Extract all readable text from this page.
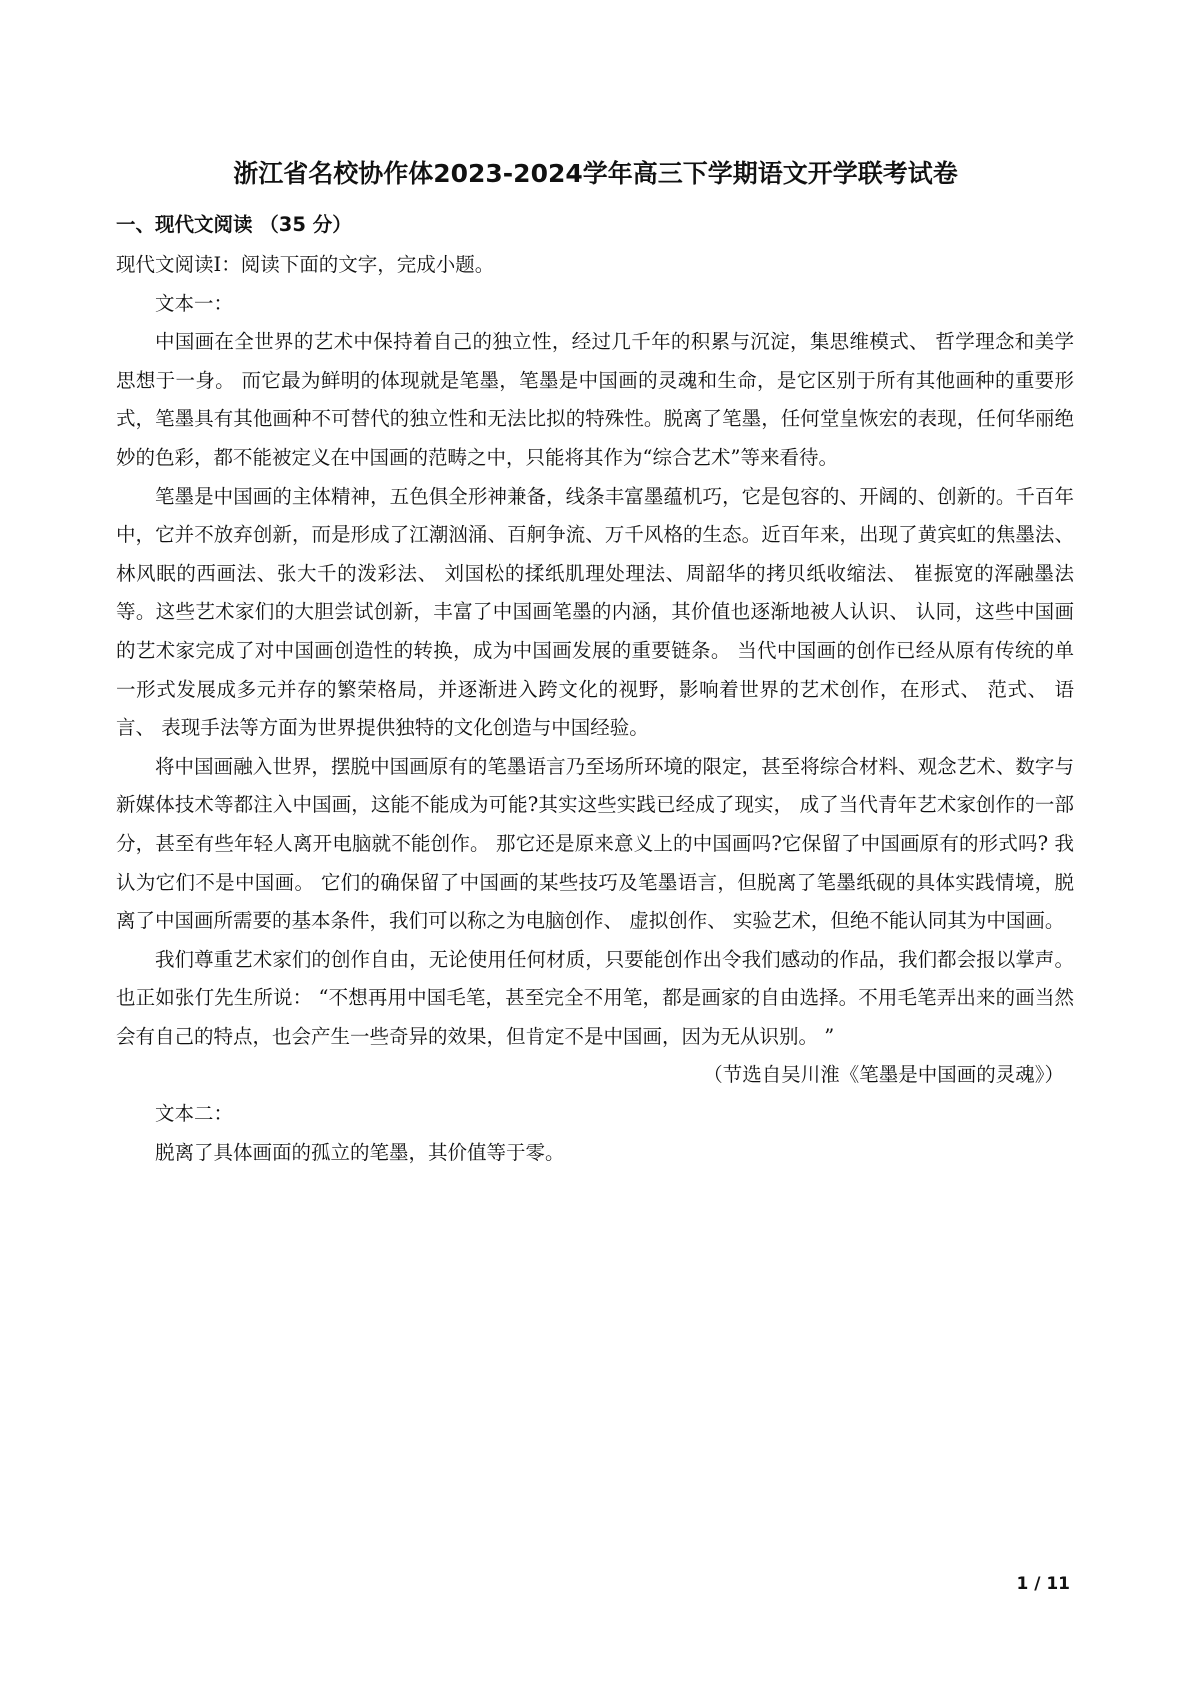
浙江省名校协作体2023-2024学年高三下学期语文开学联考试卷
一、现代文阅读 （35 分）

现代文阅读I：阅读下面的文字，完成小题。

文本一：

中国画在全世界的艺术中保持着自己的独立性，经过几千年的积累与沉淀，集思维模式、 哲学理念和美学思想于一身。 而它最为鲜明的体现就是笔墨，笔墨是中国画的灵魂和生命，是它区别于所有其他画种的重要形式，笔墨具有其他画种不可替代的独立性和无法比拟的特殊性。脱离了笔墨，任何堂皇恢宏的表现，任何华丽绝妙的色彩，都不能被定义在中国画的范畴之中，只能将其作为“综合艺术”等来看待。

笔墨是中国画的主体精神，五色俱全形神兼备，线条丰富墨蕴机巧，它是包容的、开阔的、创新的。千百年中，它并不放弃创新，而是形成了江潮汹涌、百舸争流、万千风格的生态。近百年来，出现了黄宾虹的焦墨法、林风眠的西画法、张大千的泼彩法、 刘国松的揉纸肌理处理法、周韶华的拷贝纸收缩法、 崔振宽的浑融墨法等。这些艺术家们的大胆尝试创新，丰富了中国画笔墨的内涵，其价值也逐渐地被人认识、 认同，这些中国画的艺术家完成了对中国画创造性的转换，成为中国画发展的重要链条。 当代中国画的创作已经从原有传统的单一形式发展成多元并存的繁荣格局，并逐渐进入跨文化的视野，影响着世界的艺术创作，在形式、 范式、 语言、 表现手法等方面为世界提供独特的文化创造与中国经验。

将中国画融入世界，摆脱中国画原有的笔墨语言乃至场所环境的限定，甚至将综合材料、观念艺术、数字与新媒体技术等都注入中国画，这能不能成为可能?其实这些实践已经成了现实， 成了当代青年艺术家创作的一部分，甚至有些年轻人离开电脑就不能创作。 那它还是原来意义上的中国画吗?它保留了中国画原有的形式吗? 我认为它们不是中国画。 它们的确保留了中国画的某些技巧及笔墨语言，但脱离了笔墨纸砚的具体实践情境，脱离了中国画所需要的基本条件，我们可以称之为电脑创作、 虚拟创作、 实验艺术，但绝不能认同其为中国画。

我们尊重艺术家们的创作自由，无论使用任何材质，只要能创作出令我们感动的作品，我们都会报以掌声。也正如张仃先生所说： “不想再用中国毛笔，甚至完全不用笔，都是画家的自由选择。不用毛笔弄出来的画当然会有自己的特点，也会产生一些奇异的效果，但肯定不是中国画，因为无从识别。 ”

（节选自吴川淮《笔墨是中国画的灵魂》）

文本二：

脱离了具体画面的孤立的笔墨，其价值等于零。

1 / 11
